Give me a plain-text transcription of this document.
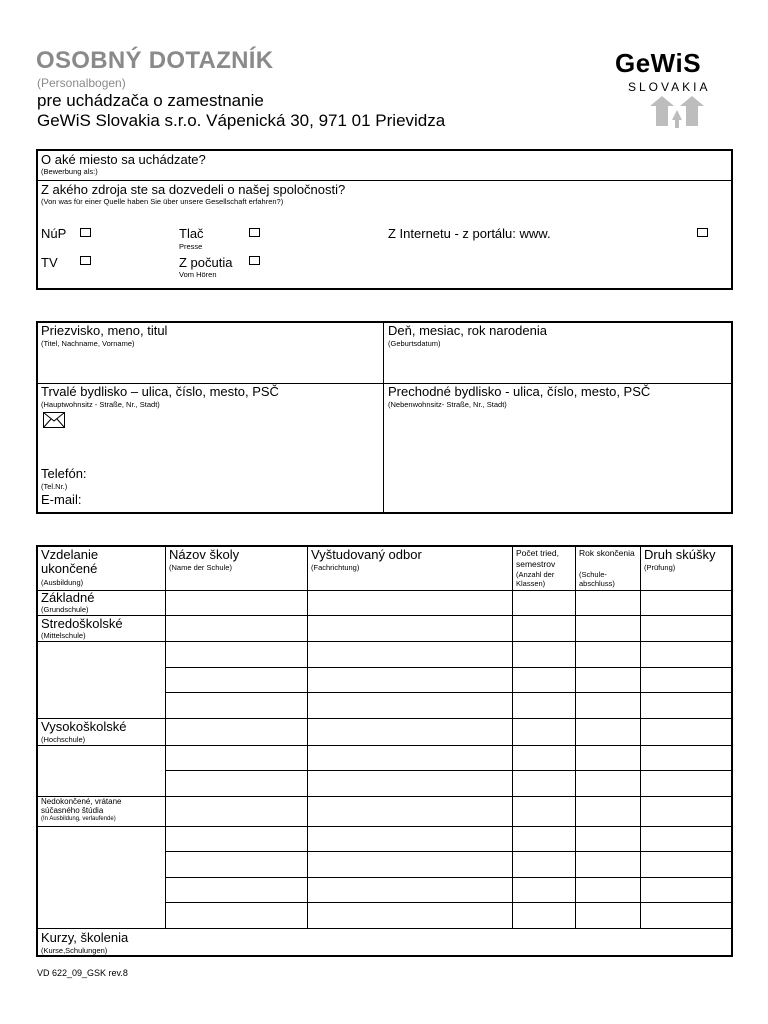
OSOBNÝ DOTAZNÍK
(Personalbogen)
pre uchádzača o zamestnanie
GeWiS Slovakia s.r.o. Vápenická 30, 971 01 Prievidza
GeWiS
SLOVAKIA
O aké miesto sa uchádzate?
(Bewerbung als:)
Z akého zdroja ste sa dozvedeli o našej spoločnosti?
(Von was für einer Quelle haben Sie über unsere Gesellschaft erfahren?)
NúP	Tlač
Presse
Z Internetu - z portálu: www.
TV	Z počutia
Vom Hören
Priezvisko, meno, titul
(Titel, Nachname, Vorname)
Deň, mesiac, rok narodenia
(Geburtsdatum)
Trvalé bydlisko – ulica, číslo, mesto, PSČ
(Hauptwohnsitz - Straße, Nr., Stadt)
Prechodné bydlisko - ulica, číslo, mesto, PSČ
(Nebenwohnsitz- Straße, Nr., Stadt)
Telefón:
(Tel.Nr.)
E-mail:
Vzdelanie ukončené
(Ausbildung)
Názov školy
(Name der Schule)
Vyštudovaný odbor
(Fachrichtung)
Počet tried, semestrov
(Anzahl der Klassen)
Rok skončenia
(Schule-abschluss)
Druh skúšky
(Prüfung)
Základné
(Grundschule)
Stredoškolské
(Mittelschule)
Vysokoškolské
(Hochschule)
Nedokončené, vrátane súčasného štúdia
(In Ausbildung, verlaufende)
Kurzy, školenia
(Kurse,Schulungen)
VD 622_09_GSK rev.8
